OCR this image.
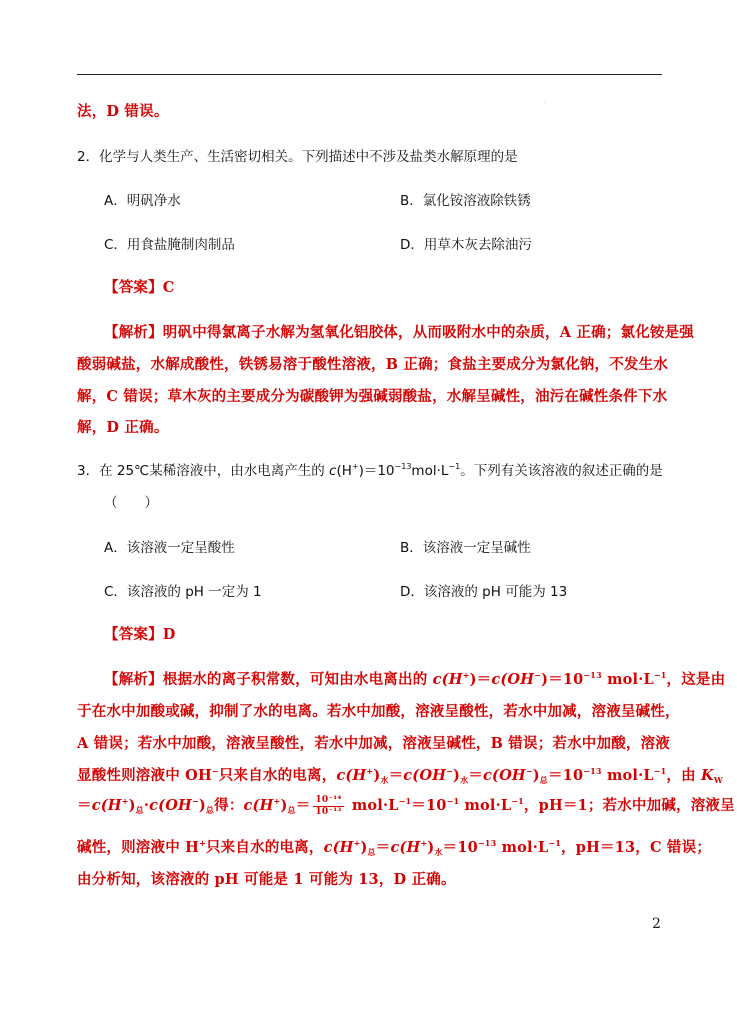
·
法，D 错误。
2．化学与人类生产、生活密切相关。下列描述中不涉及盐类水解原理的是
A．明矾净水	B．氯化铵溶液除铁锈
C．用食盐腌制肉制品	D．用草木灰去除油污
【答案】C
【解析】明矾中得氯离子水解为氢氧化铝胶体，从而吸附水中的杂质，A 正确；氯化铵是强
酸弱碱盐，水解成酸性，铁锈易溶于酸性溶液，B 正确；食盐主要成分为氯化钠，不发生水
解，C 错误；草木灰的主要成分为碳酸钾为强碱弱酸盐，水解呈碱性，油污在碱性条件下水
解，D 正确。
3．在 25℃某稀溶液中，由水电离产生的 $c(H^+)=10^{-13}mol\cdot L^{-1}$。下列有关该溶液的叙述正确的是
（　　）
A．该溶液一定呈酸性	B．该溶液一定呈碱性
C．该溶液的 pH 一定为 1	D．该溶液的 pH 可能为 13
【答案】D
【解析】根据水的离子积常数，可知由水电离出的 $c(H^+)=c(OH^-)=10^{-13}$ $mol\cdot L^{-1}$，这是由
于在水中加酸或碱，抑制了水的电离。若水中加酸，溶液呈酸性，若水中加减，溶液呈碱性，
A 错误；若水中加酸，溶液呈酸性，若水中加减，溶液呈碱性，B 错误；若水中加酸，溶液
显酸性则溶液中 OH−只来自水的电离，$c(H^+)_水=c(OH^-)_水=c(OH^-)_总=10^{-13}$ $mol\cdot L^{-1}$，由 $K_W$
$=c(H^+)_总\cdot c(OH^-)_总$得：$c(H^+)_总= \frac{\text{10⁻¹⁴}}{\text{10⁻¹³}} mol\cdot L^{-1}=10^{-1}$ $mol\cdot L^{-1}$，pH＝1；若水中加碱，溶液呈
碱性，则溶液中 H+只来自水的电离，$c(H^+)_总=c(H^+)_水=10^{-13}$ $mol\cdot L^{-1}$，pH＝13，C 错误；
由分析知，该溶液的 pH 可能是 1 可能为 13，D 正确。
2
